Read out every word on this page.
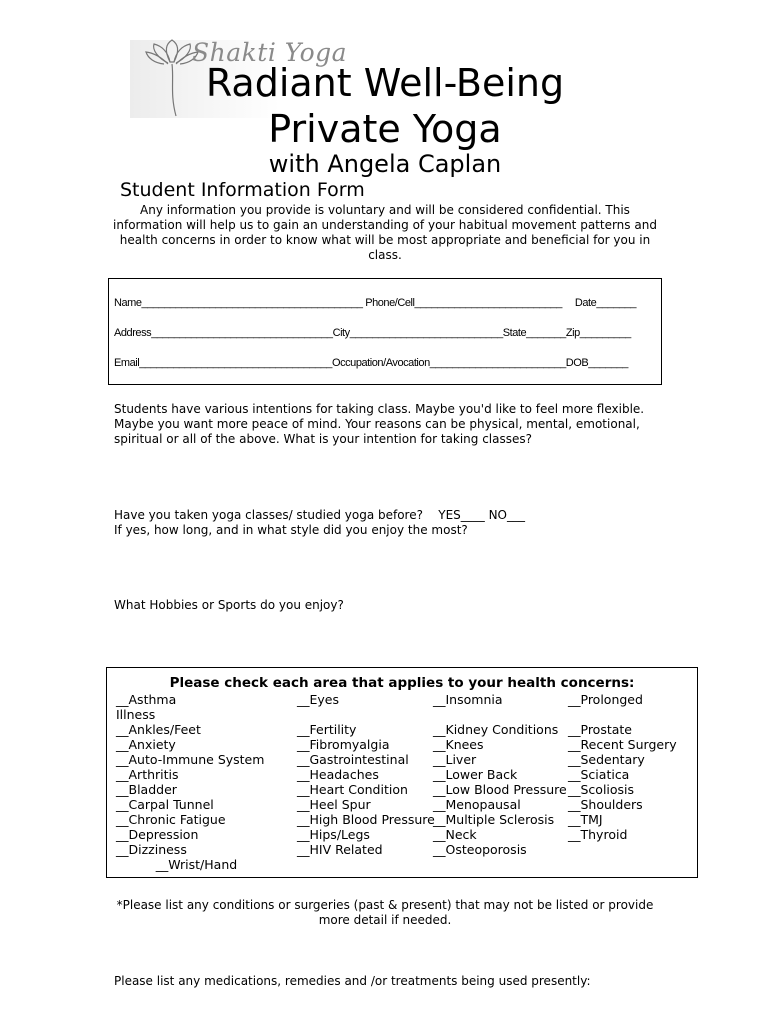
Shakti Yoga
Radiant Well-Being
Private Yoga
with Angela Caplan
Student Information Form
Any information you provide is voluntary and will be considered confidential. This information will help us to gain an understanding of your habitual movement patterns and health concerns in order to know what will be most appropriate and beneficial for you in class.
Name_______________________________________ Phone/Cell__________________________     Date_______
Address________________________________City___________________________State_______Zip_________
Email__________________________________Occupation/Avocation________________________DOB_______
Students have various intentions for taking class. Maybe you'd like to feel more flexible. Maybe you want more peace of mind. Your reasons can be physical, mental, emotional, spiritual or all of the above. What is your intention for taking classes?
Have you taken yoga classes/ studied yoga before?    YES____ NO___
If yes, how long, and in what style did you enjoy the most?
What Hobbies or Sports do you enjoy?
Please check each area that applies to your health concerns:
__Asthma
Illness
__Ankles/Feet
__Anxiety
__Auto-Immune System
__Arthritis
__Bladder
__Carpal Tunnel
__Chronic Fatigue
__Depression
__Dizziness
__Wrist/Hand
__Eyes
__Fertility
__Fibromyalgia
__Gastrointestinal
__Headaches
__Heart Condition
__Heel Spur
__High Blood Pressure
__Hips/Legs
__HIV Related
__Insomnia
__Kidney Conditions
__Knees
__Liver
__Lower Back
__Low Blood Pressure
__Menopausal
__Multiple Sclerosis
__Neck
__Osteoporosis
__Prolonged
__Prostate
__Recent Surgery
__Sedentary
__Sciatica
__Scoliosis
__Shoulders
__TMJ
__Thyroid
*Please list any conditions or surgeries (past & present) that may not be listed or provide more detail if needed.
Please list any medications, remedies and /or treatments being used presently:
